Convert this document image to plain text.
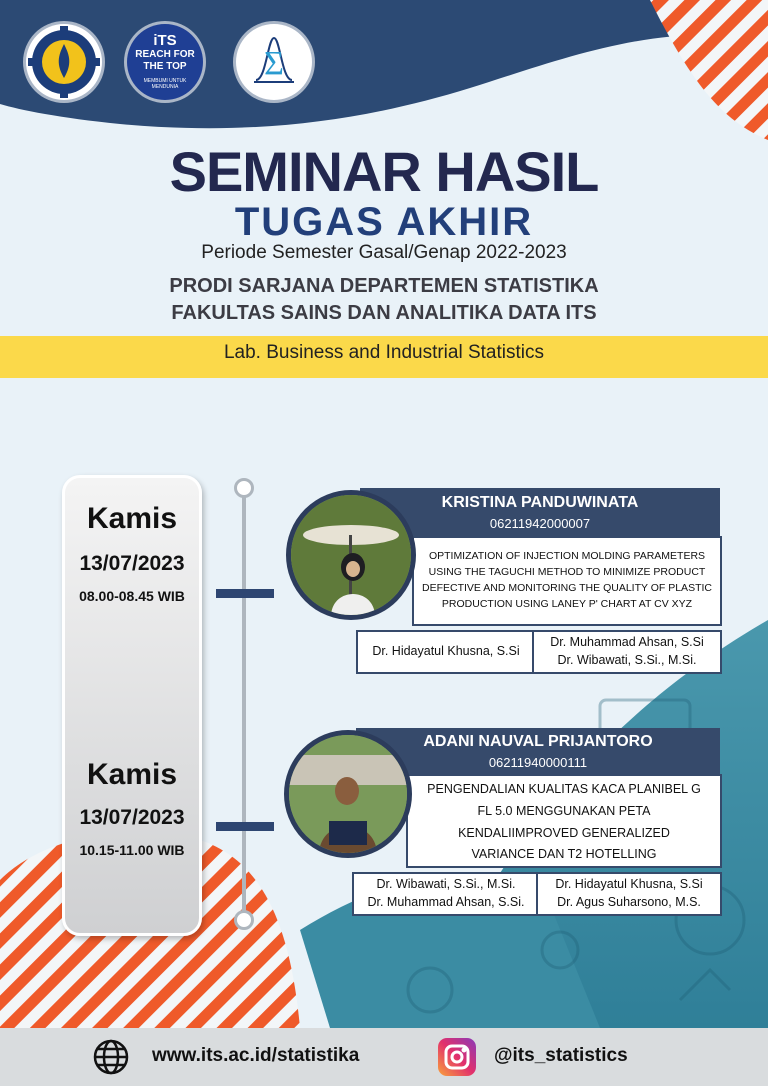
iTS
REACH FOR
THE TOP
MEMBUMI UNTUK MENDUNIA
Σ
SEMINAR HASIL
TUGAS AKHIR
Periode Semester Gasal/Genap 2022-2023
PRODI SARJANA DEPARTEMEN STATISTIKA
FAKULTAS SAINS DAN ANALITIKA DATA ITS
Lab. Business and Industrial Statistics
Kamis
13/07/2023
08.00-08.45 WIB
Kamis
13/07/2023
10.15-11.00 WIB
KRISTINA PANDUWINATA
06211942000007
OPTIMIZATION OF INJECTION MOLDING PARAMETERS USING THE TAGUCHI METHOD TO MINIMIZE PRODUCT DEFECTIVE AND MONITORING THE QUALITY OF PLASTIC PRODUCTION USING LANEY P' CHART AT CV XYZ
Dr. Hidayatul Khusna, S.Si
Dr. Muhammad Ahsan, S.Si
Dr. Wibawati, S.Si., M.Si.
ADANI NAUVAL PRIJANTORO
06211940000111
PENGENDALIAN KUALITAS KACA PLANIBEL G
FL 5.0 MENGGUNAKAN PETA
KENDALIIMPROVED GENERALIZED
VARIANCE DAN T2 HOTELLING
Dr. Wibawati, S.Si., M.Si.
Dr. Muhammad Ahsan, S.Si.
Dr. Hidayatul Khusna, S.Si
Dr. Agus Suharsono, M.S.
www.its.ac.id/statistika	@its_statistics
